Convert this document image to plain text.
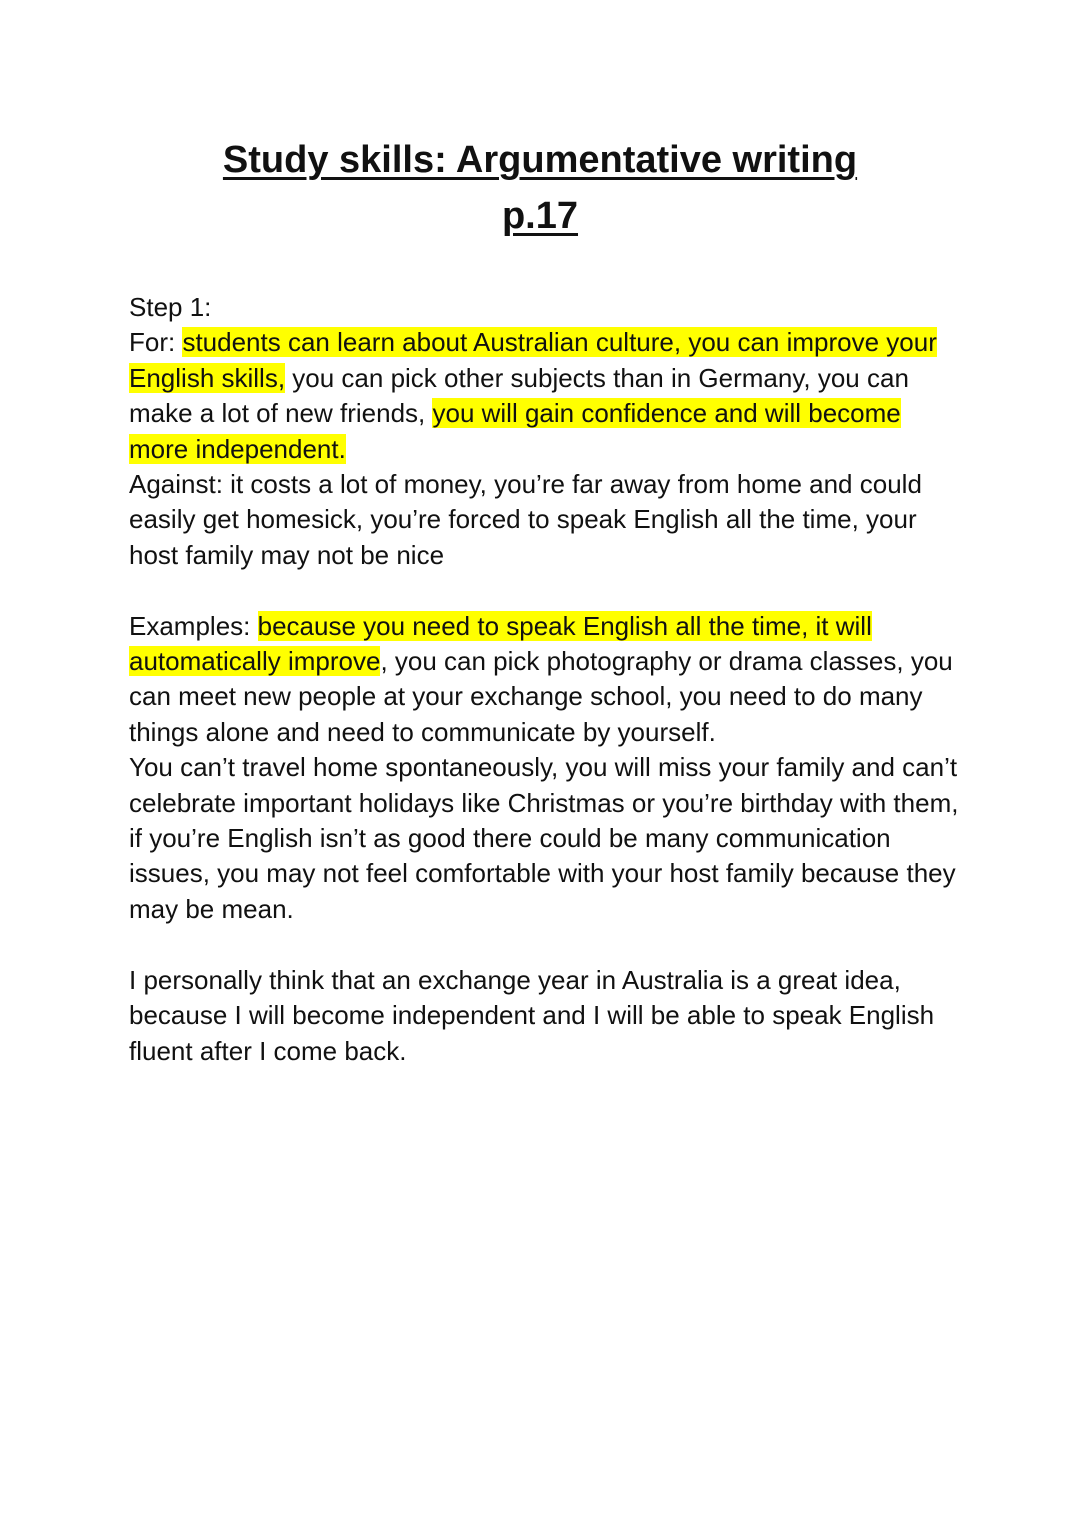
Study skills: Argumentative writing
p.17

Step 1:

For: students can learn about Australian culture, you can improve your English skills, you can pick other subjects than in Germany, you can make a lot of new friends, you will gain confidence and will become more independent.

Against: it costs a lot of money, you’re far away from home and could easily get homesick, you’re forced to speak English all the time, your host family may not be nice

Examples: because you need to speak English all the time, it will automatically improve, you can pick photography or drama classes, you can meet new people at your exchange school, you need to do many things alone and need to communicate by yourself.

You can’t travel home spontaneously, you will miss your family and can’t celebrate important holidays like Christmas or you’re birthday with them, if you’re English isn’t as good there could be many communication issues, you may not feel comfortable with your host family because they may be mean.

I personally think that an exchange year in Australia is a great idea, because I will become independent and I will be able to speak English fluent after I come back.
